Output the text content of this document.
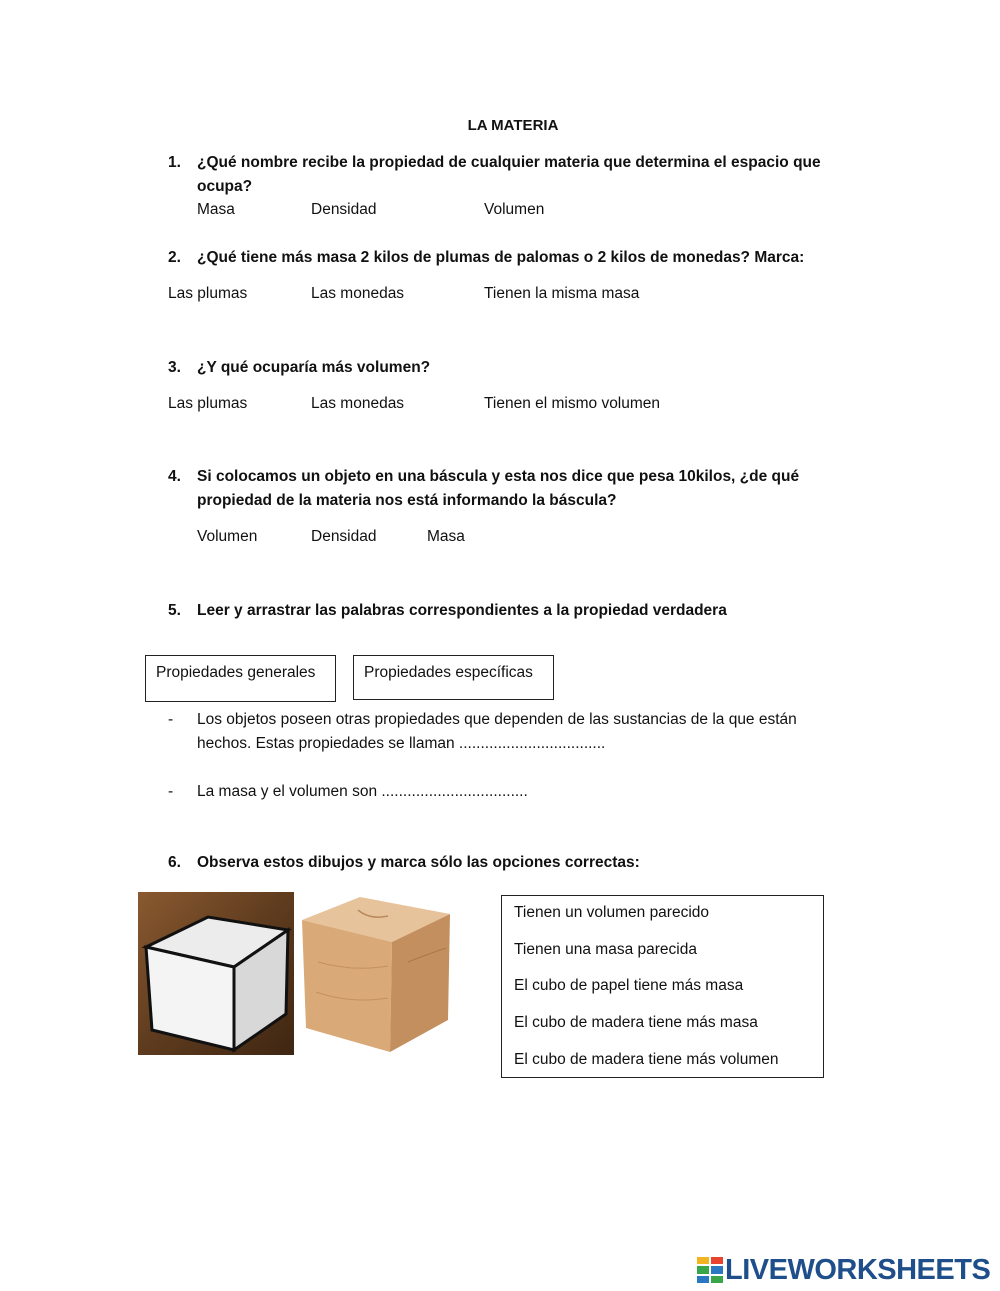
LA MATERIA
1. ¿Qué nombre recibe la propiedad de cualquier materia que determina el espacio que
ocupa?
Masa	Densidad	Volumen
2. ¿Qué tiene más masa 2 kilos de plumas de palomas o 2 kilos de monedas? Marca:
Las plumas	Las monedas	Tienen la misma masa
3. ¿Y qué ocuparía más volumen?
Las plumas	Las monedas	Tienen el mismo volumen
4. Si colocamos un objeto en una báscula y esta nos dice que pesa 10kilos, ¿de qué
propiedad de la materia nos está informando la báscula?
Volumen	Densidad	Masa
5. Leer y arrastrar las palabras correspondientes a la propiedad verdadera
Propiedades generales	Propiedades específicas
- Los objetos poseen otras propiedades que dependen de las sustancias de la que están
hechos. Estas propiedades se llaman ..................................
- La masa y el volumen son ..................................
6. Observa estos dibujos y marca sólo las opciones correctas:
Tienen un volumen parecido
Tienen una masa parecida
El cubo de papel tiene más masa
El cubo de madera tiene más masa
El cubo de madera tiene más volumen
LIVEWORKSHEETS
